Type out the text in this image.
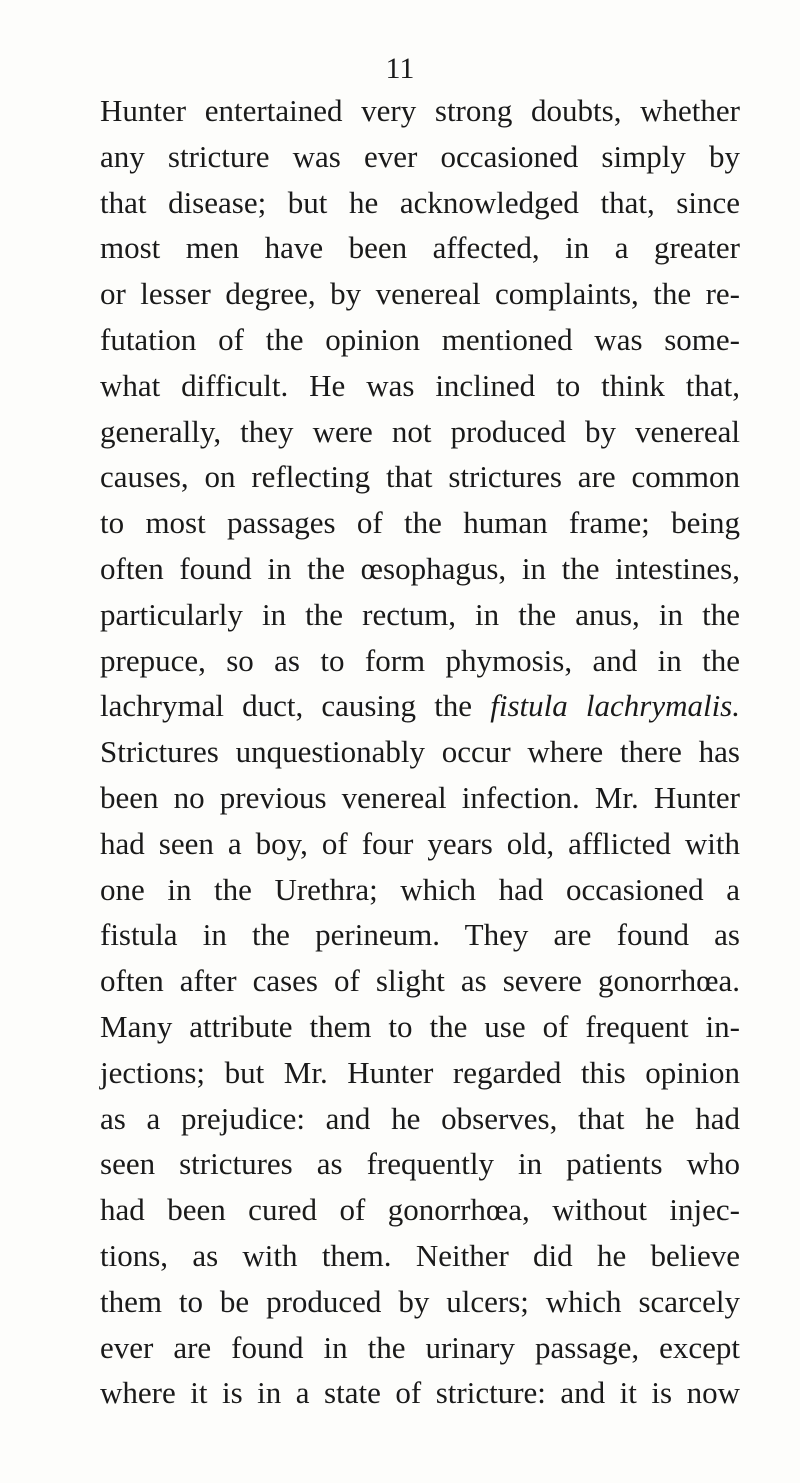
11
Hunter entertained very strong doubts, whether
any stricture was ever occasioned simply by
that disease; but he acknowledged that, since
most men have been affected, in a greater
or lesser degree, by venereal complaints, the re-
futation of the opinion mentioned was some-
what difficult. He was inclined to think that,
generally, they were not produced by venereal
causes, on reflecting that strictures are common
to most passages of the human frame; being
often found in the œsophagus, in the intestines,
particularly in the rectum, in the anus, in the
prepuce, so as to form phymosis, and in the
lachrymal duct, causing the fistula lachrymalis.
Strictures unquestionably occur where there has
been no previous venereal infection. Mr. Hunter
had seen a boy, of four years old, afflicted with
one in the Urethra; which had occasioned a
fistula in the perineum. They are found as
often after cases of slight as severe gonorrhœa.
Many attribute them to the use of frequent in-
jections; but Mr. Hunter regarded this opinion
as a prejudice: and he observes, that he had
seen strictures as frequently in patients who
had been cured of gonorrhœa, without injec-
tions, as with them. Neither did he believe
them to be produced by ulcers; which scarcely
ever are found in the urinary passage, except
where it is in a state of stricture: and it is now
